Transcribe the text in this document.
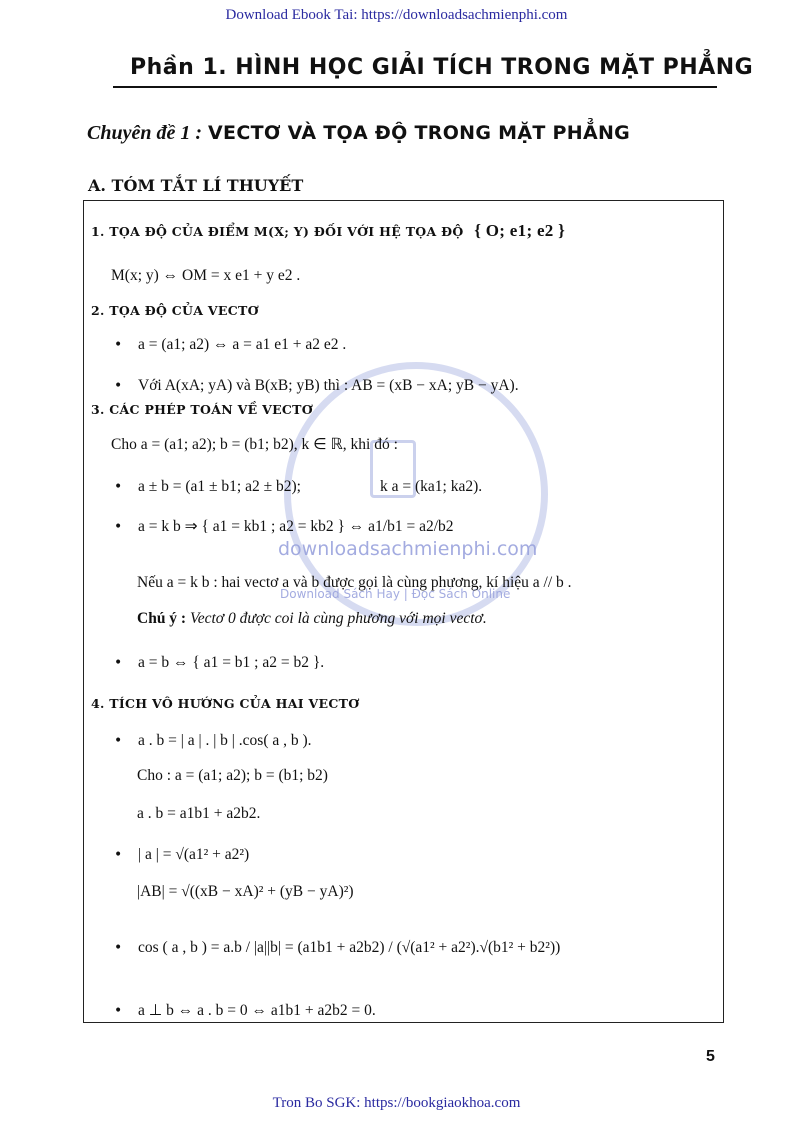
Download Ebook Tai: https://downloadsachmienphi.com
Phần 1. HÌNH HỌC GIẢI TÍCH TRONG MẶT PHẲNG
Chuyên đề 1 : VECTƠ VÀ TỌA ĐỘ TRONG MẶT PHẲNG
A. TÓM TẮT LÍ THUYẾT
downloadsachmienphi.com
Download Sách Hay | Đọc Sách Online
1. TỌA ĐỘ CỦA ĐIỂM M(X; Y) ĐỐI VỚI HỆ TỌA ĐỘ { O; e1; e2 }
M(x; y) ⇔ OM = x e1 + y e2 .
2. TỌA ĐỘ CỦA VECTƠ
• a = (a1; a2) ⇔ a = a1 e1 + a2 e2 .
• Với A(xA; yA) và B(xB; yB) thì : AB = (xB − xA; yB − yA).
3. CÁC PHÉP TOÁN VỀ VECTƠ
Cho a = (a1; a2); b = (b1; b2), k ∈ ℝ, khi đó :
• a ± b = (a1 ± b1; a2 ± b2);	k a = (ka1; ka2).
• a = k b ⇒ { a1 = kb1 ; a2 = kb2 } ⇔ a1/b1 = a2/b2
Nếu a = k b : hai vectơ a và b được gọi là cùng phương, kí hiệu a // b .
Chú ý : Vectơ 0 được coi là cùng phương với mọi vectơ.
• a = b ⇔ { a1 = b1 ; a2 = b2 }.
4. TÍCH VÔ HƯỚNG CỦA HAI VECTƠ
• a . b = | a | . | b | .cos( a , b ).
Cho : a = (a1; a2); b = (b1; b2)
a . b = a1b1 + a2b2.
• | a | = √(a1² + a2²)
|AB| = √((xB − xA)² + (yB − yA)²)
• cos ( a , b ) = a.b / |a||b| = (a1b1 + a2b2) / (√(a1² + a2²).√(b1² + b2²))
• a ⊥ b ⇔ a . b = 0 ⇔ a1b1 + a2b2 = 0.
5
Tron Bo SGK: https://bookgiaokhoa.com
